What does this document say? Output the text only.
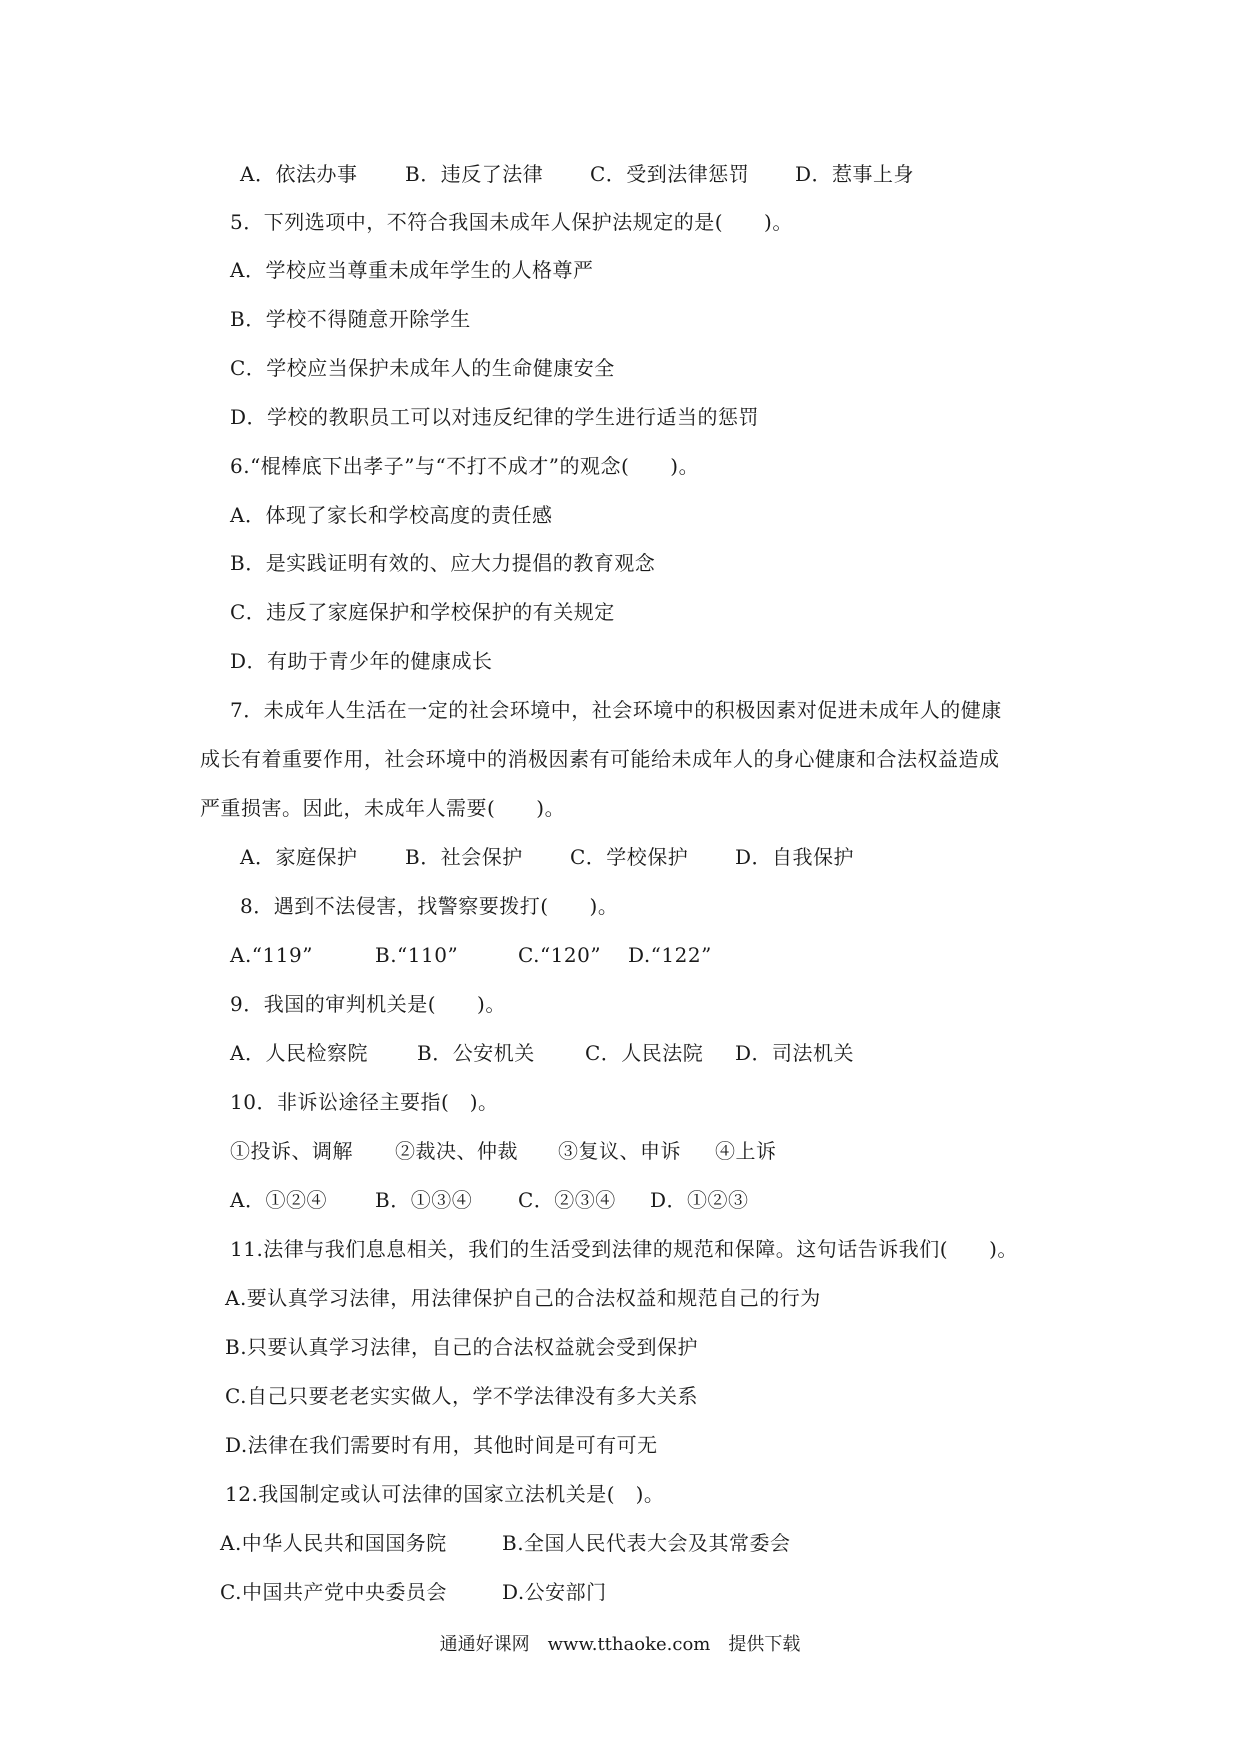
A．依法办事 B．违反了法律 C．受到法律惩罚 D．惹事上身
5．下列选项中，不符合我国未成年人保护法规定的是(　　)。
A．学校应当尊重未成年学生的人格尊严
B．学校不得随意开除学生
C．学校应当保护未成年人的生命健康安全
D．学校的教职员工可以对违反纪律的学生进行适当的惩罚
6.“棍棒底下出孝子”与“不打不成才”的观念(　　)。
A．体现了家长和学校高度的责任感
B．是实践证明有效的、应大力提倡的教育观念
C．违反了家庭保护和学校保护的有关规定
D．有助于青少年的健康成长
7．未成年人生活在一定的社会环境中，社会环境中的积极因素对促进未成年人的健康
成长有着重要作用，社会环境中的消极因素有可能给未成年人的身心健康和合法权益造成
严重损害。因此，未成年人需要(　　)。
A．家庭保护 B．社会保护 C．学校保护 D．自我保护
8．遇到不法侵害，找警察要拨打(　　)。
A.“119”	B.“110”	C.“120” D.“122”
9．我国的审判机关是(　　)。
A．人民检察院 B．公安机关	C．人民法院 D．司法机关
10．非诉讼途径主要指(　)。
①投诉、调解 ②裁决、仲裁 ③复议、申诉 ④上诉
A．①②④ B．①③④ C．②③④ D．①②③
11.法律与我们息息相关，我们的生活受到法律的规范和保障。这句话告诉我们(　　)。
A.要认真学习法律，用法律保护自己的合法权益和规范自己的行为
B.只要认真学习法律，自己的合法权益就会受到保护
C.自己只要老老实实做人，学不学法律没有多大关系
D.法律在我们需要时有用，其他时间是可有可无
12.我国制定或认可法律的国家立法机关是(　)。
A.中华人民共和国国务院	B.全国人民代表大会及其常委会
C.中国共产党中央委员会	D.公安部门
通通好课网　www.tthaoke.com　提供下载
